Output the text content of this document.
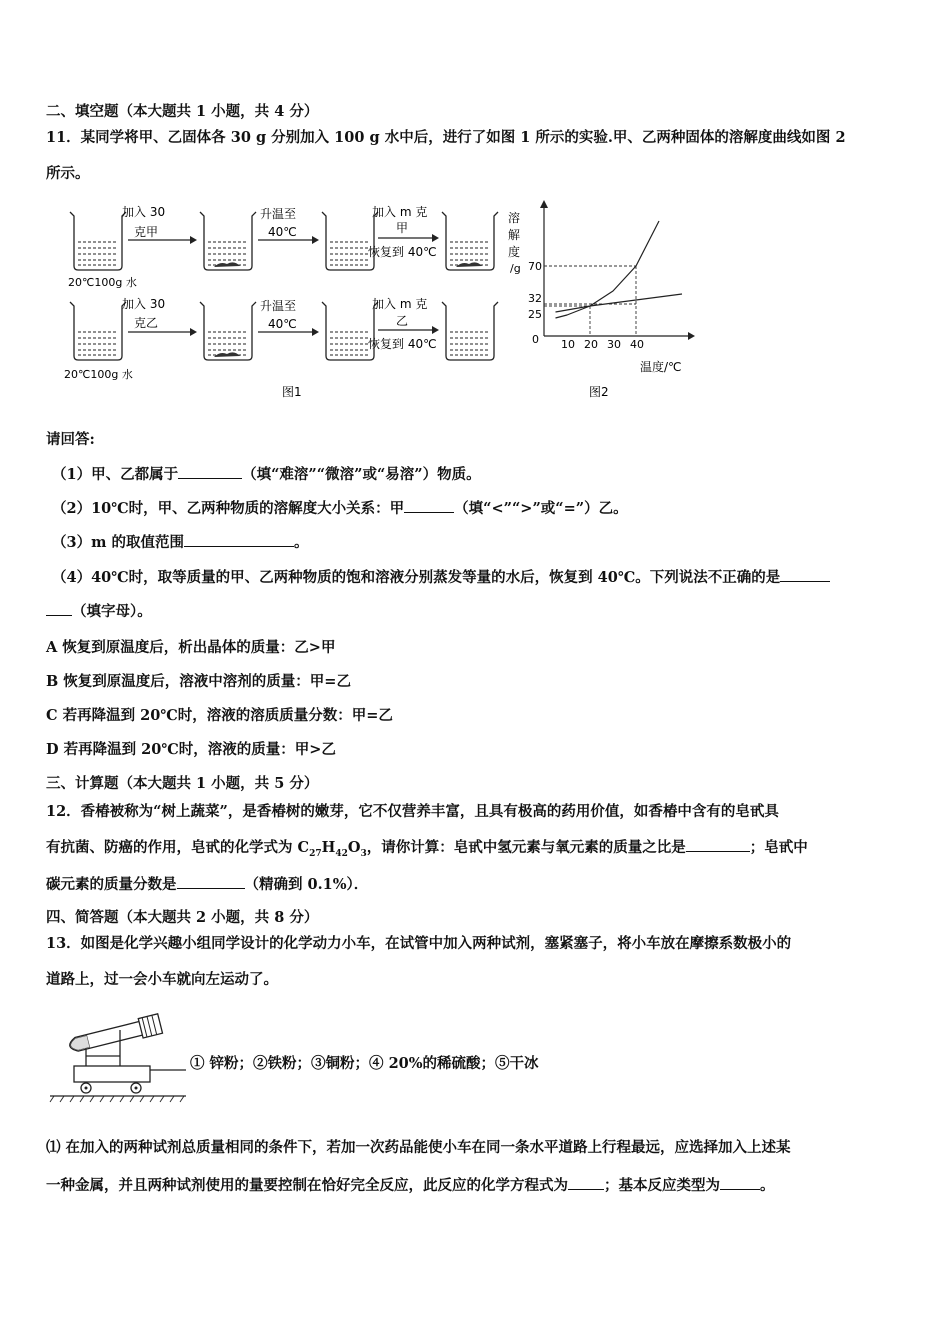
二、填空题（本大题共 1 小题，共 4 分）
11．某同学将甲、乙固体各 30 g 分别加入 100 g 水中后，进行了如图 1 所示的实验.甲、乙两种固体的溶解度曲线如图 2
所示。
20℃100g 水
加入 30
克甲
升温至
40℃
加入 m 克
甲
恢复到 40℃
20℃100g 水
加入 30
克乙
升温至
40℃
加入 m 克
乙
恢复到 40℃
图1
10 20 30 40
25
32
70
溶
解
度
/g
0
温度/℃
图2
请回答:
（1）甲、乙都属于	（填“难溶”“微溶”或“易溶”）物质。
（2）10℃时，甲、乙两种物质的溶解度大小关系：甲	（填“<”“>”或“=”）乙。
（3）m 的取值范围	。
（4）40℃时，取等质量的甲、乙两种物质的饱和溶液分别蒸发等量的水后，恢复到 40℃。下列说法不正确的是
（填字母）。
A 恢复到原温度后，析出晶体的质量：乙>甲
B 恢复到原温度后，溶液中溶剂的质量：甲=乙
C 若再降温到 20℃时，溶液的溶质质量分数：甲=乙
D 若再降温到 20℃时，溶液的质量：甲>乙
三、计算题（本大题共 1 小题，共 5 分）
12．香椿被称为“树上蔬菜”，是香椿树的嫩芽，它不仅营养丰富，且具有极高的药用价值，如香椿中含有的皂甙具
有抗菌、防癌的作用，皂甙的化学式为 $C_{27}H_{42}O_3$，请你计算：皂甙中氢元素与氧元素的质量之比是	；皂甙中
碳元素的质量分数是	（精确到 0.1%）．
四、简答题（本大题共 2 小题，共 8 分）
13．如图是化学兴趣小组同学设计的化学动力小车，在试管中加入两种试剂，塞紧塞子，将小车放在摩擦系数极小的
道路上，过一会小车就向左运动了。
① 锌粉；②铁粉；③铜粉；④ 20%的稀硫酸；⑤干冰
⑴ 在加入的两种试剂总质量相同的条件下，若加一次药品能使小车在同一条水平道路上行程最远，应选择加入上述某
一种金属，并且两种试剂使用的量要控制在恰好完全反应，此反应的化学方程式为 ；基本反应类型为	。
